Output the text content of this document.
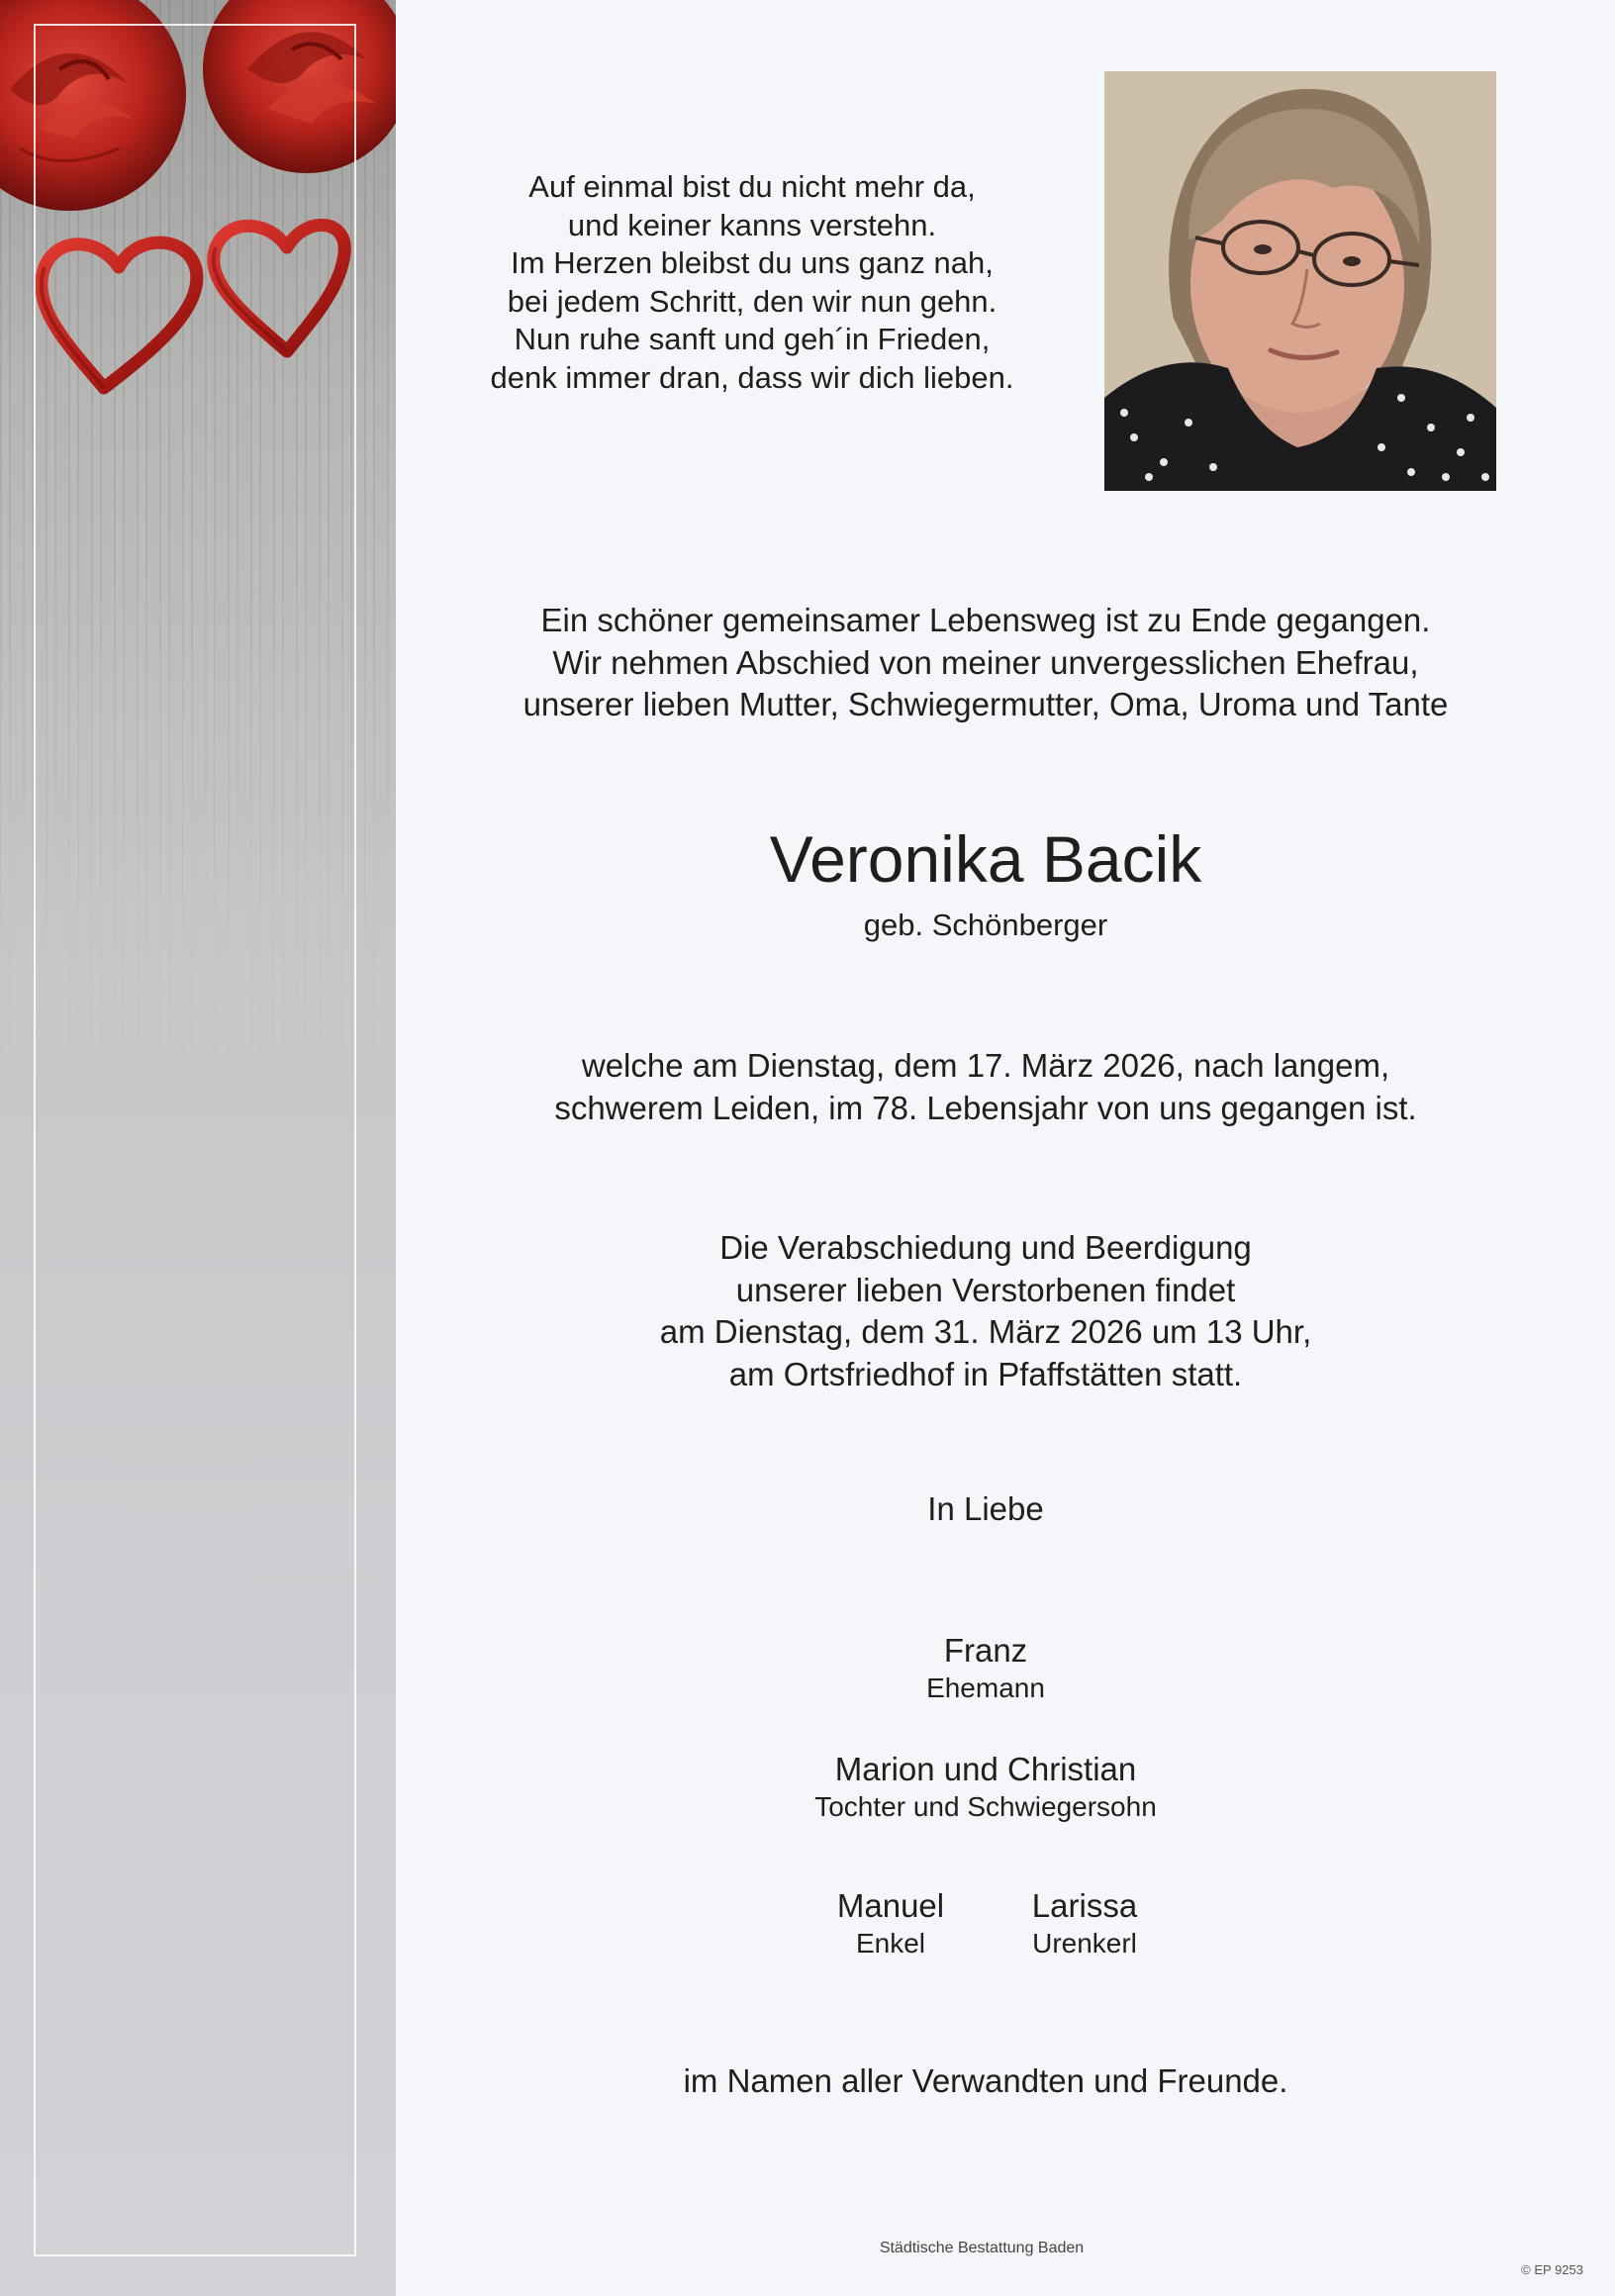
Auf einmal bist du nicht mehr da,
und keiner kanns verstehn.
Im Herzen bleibst du uns ganz nah,
bei jedem Schritt, den wir nun gehn.
Nun ruhe sanft und geh´in Frieden,
denk immer dran, dass wir dich lieben.
Ein schöner gemeinsamer Lebensweg ist zu Ende gegangen.
Wir nehmen Abschied von meiner unvergesslichen Ehefrau,
unserer lieben Mutter, Schwiegermutter, Oma, Uroma und Tante
Veronika Bacik
geb. Schönberger
welche am Dienstag, dem 17. März 2026, nach langem,
schwerem Leiden, im 78. Lebensjahr von uns gegangen ist.
Die Verabschiedung und Beerdigung
unserer lieben Verstorbenen findet
am Dienstag, dem 31. März 2026 um 13 Uhr,
am Ortsfriedhof in Pfaffstätten statt.
In Liebe
Franz
Ehemann
Marion und Christian
Tochter und Schwiegersohn
Manuel
Enkel
Larissa
Urenkerl
im Namen aller Verwandten und Freunde.
Städtische Bestattung Baden
© EP 9253
